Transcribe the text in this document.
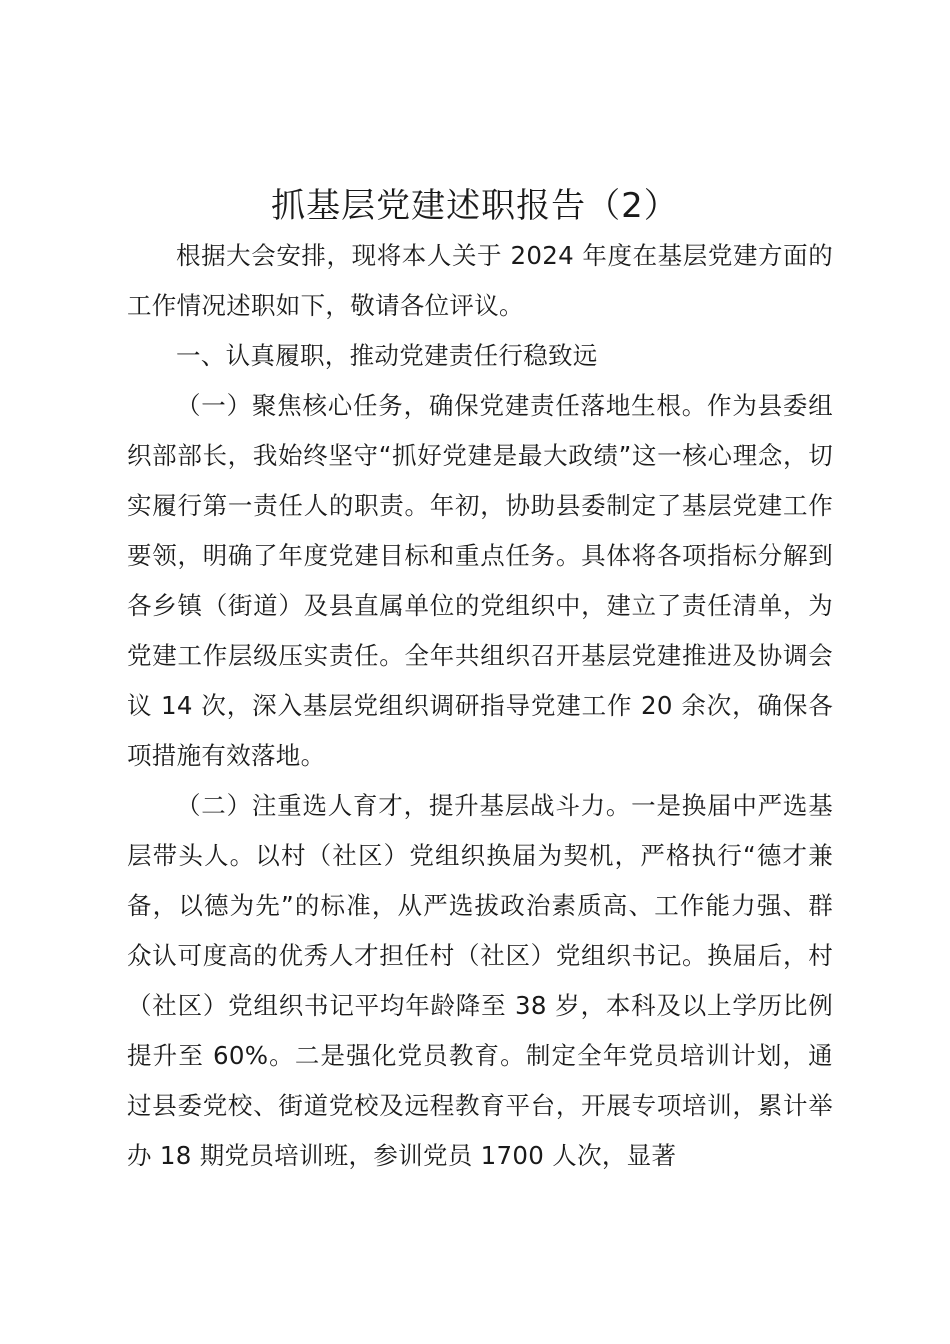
抓基层党建述职报告（2）

根据大会安排，现将本人关于 2024 年度在基层党建方面的工作情况述职如下，敬请各位评议。

一、认真履职，推动党建责任行稳致远

（一）聚焦核心任务，确保党建责任落地生根。作为县委组织部部长，我始终坚守“抓好党建是最大政绩”这一核心理念，切实履行第一责任人的职责。年初，协助县委制定了基层党建工作要领，明确了年度党建目标和重点任务。具体将各项指标分解到各乡镇（街道）及县直属单位的党组织中，建立了责任清单，为党建工作层级压实责任。全年共组织召开基层党建推进及协调会议 14 次，深入基层党组织调研指导党建工作 20 余次，确保各项措施有效落地。

（二）注重选人育才，提升基层战斗力。一是换届中严选基层带头人。以村（社区）党组织换届为契机，严格执行“德才兼备，以德为先”的标准，从严选拔政治素质高、工作能力强、群众认可度高的优秀人才担任村（社区）党组织书记。换届后，村（社区）党组织书记平均年龄降至 38 岁，本科及以上学历比例提升至 60%。二是强化党员教育。制定全年党员培训计划，通过县委党校、街道党校及远程教育平台，开展专项培训，累计举办 18 期党员培训班，参训党员 1700 人次，显著
